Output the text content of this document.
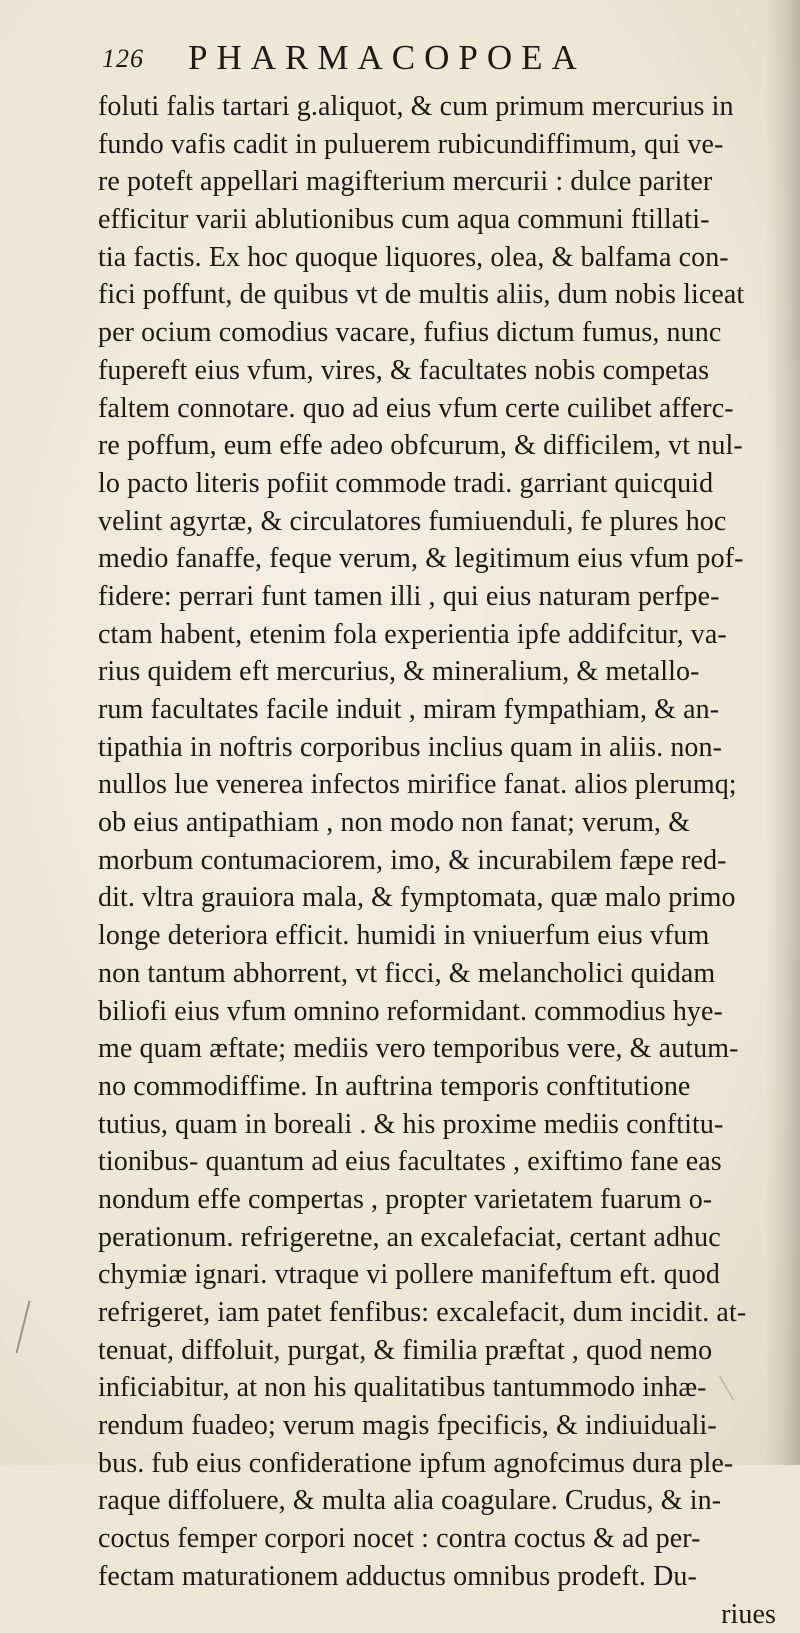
126 PHARMACOPOEA
foluti falis tartari g.aliquot, & cum primum mercurius in
fundo vafis cadit in puluerem rubicundiffimum, qui ve-
re poteft appellari magifterium mercurii : dulce pariter
efficitur varii ablutionibus cum aqua communi ftillati-
tia factis. Ex hoc quoque liquores, olea, & balfama con-
fici poffunt, de quibus vt de multis aliis, dum nobis liceat
per ocium comodius vacare, fufius dictum fumus, nunc
fupereft eius vfum, vires, & facultates nobis competas
faltem connotare. quo ad eius vfum certe cuilibet afferc-
re poffum, eum effe adeo obfcurum, & difficilem, vt nul-
lo pacto literis pofiit commode tradi. garriant quicquid
velint agyrtæ, & circulatores fumiuenduli, fe plures hoc
medio fanaffe, feque verum, & legitimum eius vfum pof-
fidere: perrari funt tamen illi , qui eius naturam perfpe-
ctam habent, etenim fola experientia ipfe addifcitur, va-
rius quidem eft mercurius, & mineralium, & metallo-
rum facultates facile induit , miram fympathiam, & an-
tipathia in noftris corporibus inclius quam in aliis. non-
nullos lue venerea infectos mirifice fanat. alios plerumq;
ob eius antipathiam , non modo non fanat; verum, &
morbum contumaciorem, imo, & incurabilem fæpe red-
dit. vltra grauiora mala, & fymptomata, quæ malo primo
longe deteriora efficit. humidi in vniuerfum eius vfum
non tantum abhorrent, vt ficci, & melancholici quidam
biliofi eius vfum omnino reformidant. commodius hye-
me quam æftate; mediis vero temporibus vere, & autum-
no commodiffime. In auftrina temporis conftitutione
tutius, quam in boreali . & his proxime mediis conftitu-
tionibus- quantum ad eius facultates , exiftimo fane eas
nondum effe compertas , propter varietatem fuarum o-
perationum. refrigeretne, an excalefaciat, certant adhuc
chymiæ ignari. vtraque vi pollere manifeftum eft. quod
refrigeret, iam patet fenfibus: excalefacit, dum incidit. at-
tenuat, diffoluit, purgat, & fimilia præftat , quod nemo
inficiabitur, at non his qualitatibus tantummodo inhæ-
rendum fuadeo; verum magis fpecificis, & indiuiduali-
bus. fub eius confideratione ipfum agnofcimus dura ple-
raque diffoluere, & multa alia coagulare. Crudus, & in-
coctus femper corpori nocet : contra coctus & ad per-
fectam maturationem adductus omnibus prodeft. Du-
riues
